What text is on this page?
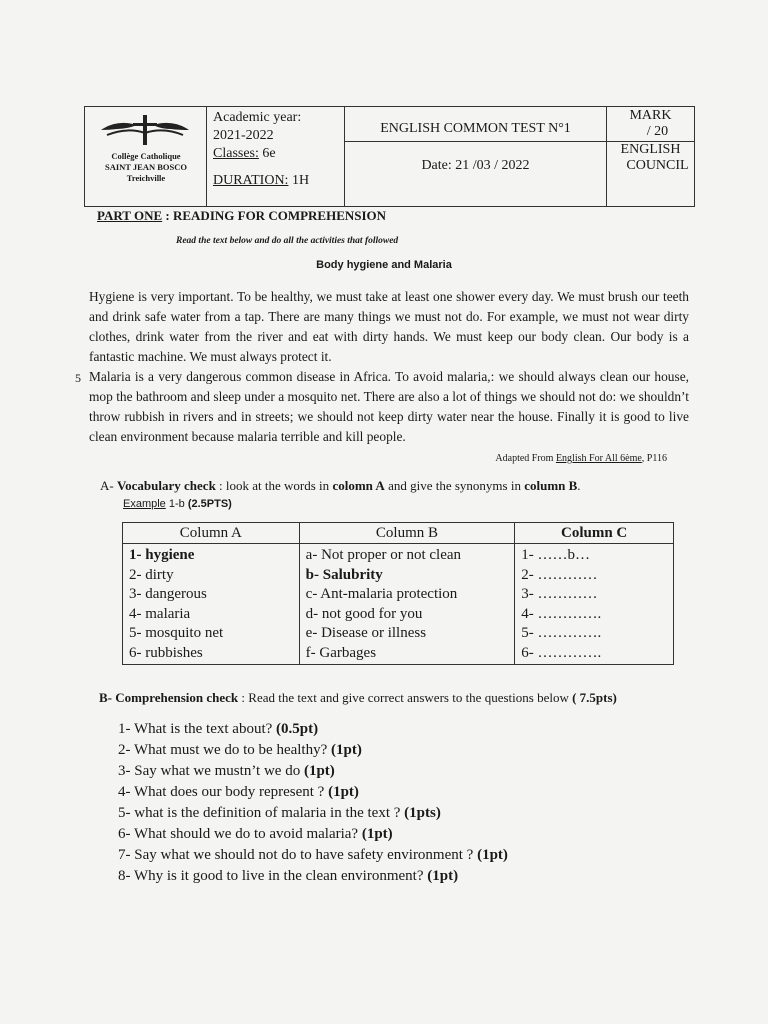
Collège Catholique
SAINT JEAN BOSCO
Treichville
Academic year:
2021-2022
Classes: 6e
DURATION: 1H
ENGLISH COMMON TEST N°1
Date: 21 /03 / 2022
MARK
/ 20
ENGLISH
COUNCIL
PART ONE : READING FOR COMPREHENSION
Read the text below and do all the activities that followed
Body hygiene and Malaria
Hygiene is very important. To be healthy, we must take at least one shower every day. We must brush our teeth and drink safe water from a tap. There are many things we must not do. For example, we must not wear dirty clothes, drink water from the river and eat with dirty hands. We must keep our body clean. Our body is a fantastic machine. We must always protect it.
5 Malaria is a very dangerous common disease in Africa. To avoid malaria,: we should always clean our house, mop the bathroom and sleep under a mosquito net. There are also a lot of things we should not do: we shouldn’t throw rubbish in rivers and in streets; we should not keep dirty water near the house. Finally it is good to live clean environment because malaria terrible and kill people.
Adapted From English For All 6ème, P116
A- Vocabulary check : look at the words in colomn A and give the synonyms in column B.
Example 1-b (2.5PTS)
Column A	Column B	Column C
1- hygiene	a- Not proper or not clean	1- ……b…
2- dirty	b- Salubrity	2- …………
3- dangerous	c- Ant-malaria protection	3- …………
4- malaria	d- not good for you	4- ………….
5- mosquito net	e- Disease or illness	5- ………….
6- rubbishes	f- Garbages	6- ………….
B- Comprehension check : Read the text and give correct answers to the questions below ( 7.5pts)
1- What is the text about? (0.5pt)
2- What must we do to be healthy? (1pt)
3- Say what we mustn’t we do (1pt)
4- What does our body represent ? (1pt)
5- what is the definition of malaria in the text ? (1pts)
6- What should we do to avoid malaria? (1pt)
7- Say what we should not do to have safety environment ? (1pt)
8- Why is it good to live in the clean environment? (1pt)
